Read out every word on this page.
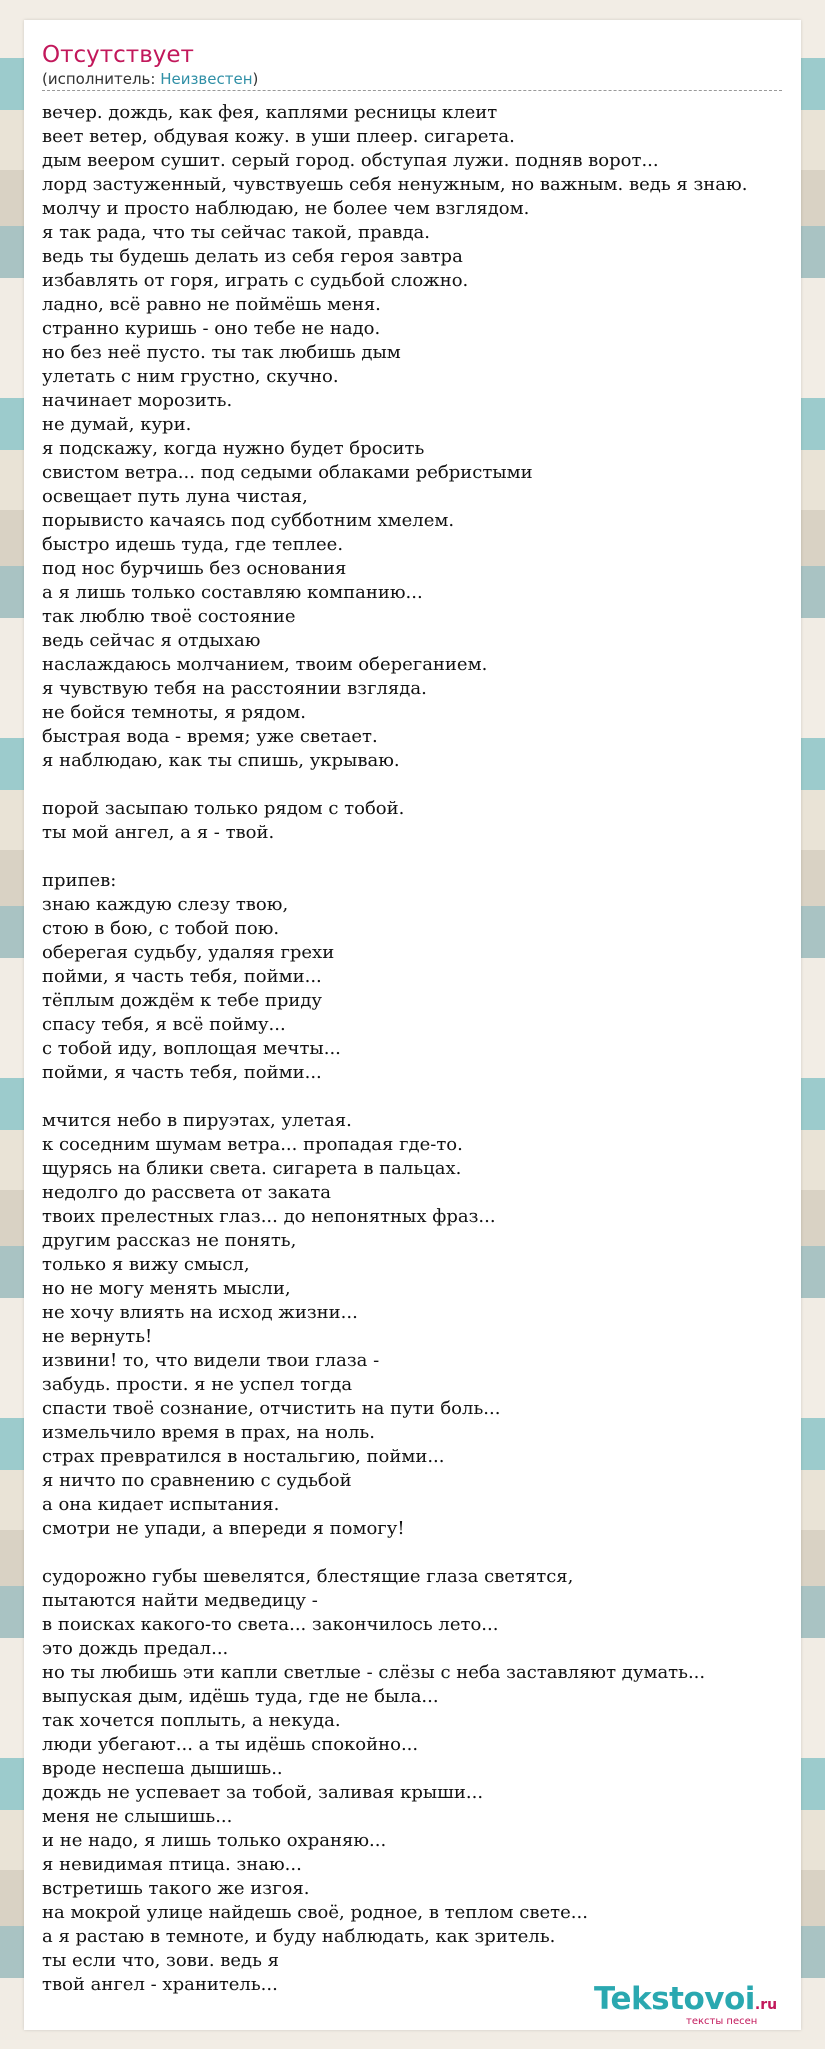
Отсутствует
(исполнитель: Неизвестен)
вечер. дождь, как фея, каплями ресницы клеит
веет ветер, обдувая кожу. в уши плеер. сигарета.
дым веером сушит. серый город. обступая лужи. подняв ворот...
лорд застуженный, чувствуешь себя ненужным, но важным. ведь я знаю.
молчу и просто наблюдаю, не более чем взглядом.
я так рада, что ты сейчас такой, правда.
ведь ты будешь делать из себя героя завтра
избавлять от горя, играть с судьбой сложно.
ладно, всё равно не поймёшь меня.
странно куришь - оно тебе не надо.
но без неё пусто. ты так любишь дым
улетать с ним грустно, скучно.
начинает морозить.
не думай, кури.
я подскажу, когда нужно будет бросить
свистом ветра... под седыми облаками ребристыми
освещает путь луна чистая,
порывисто качаясь под субботним хмелем.
быстро идешь туда, где теплее.
под нос бурчишь без основания
а я лишь только составляю компанию...
так люблю твоё состояние
ведь сейчас я отдыхаю
наслаждаюсь молчанием, твоим обереганием.
я чувствую тебя на расстоянии взгляда.
не бойся темноты, я рядом.
быстрая вода - время; уже светает.
я наблюдаю, как ты спишь, укрываю.
порой засыпаю только рядом с тобой.
ты мой ангел, а я - твой.
припев:
знаю каждую слезу твою,
стою в бою, с тобой пою.
оберегая судьбу, удаляя грехи
пойми, я часть тебя, пойми...
тёплым дождём к тебе приду
спасу тебя, я всё пойму...
с тобой иду, воплощая мечты...
пойми, я часть тебя, пойми...
мчится небо в пируэтах, улетая.
к соседним шумам ветра... пропадая где-то.
щурясь на блики света. сигарета в пальцах.
недолго до рассвета от заката
твоих прелестных глаз... до непонятных фраз...
другим рассказ не понять,
только я вижу смысл,
но не могу менять мысли,
не хочу влиять на исход жизни...
не вернуть!
извини! то, что видели твои глаза -
забудь. прости. я не успел тогда
спасти твоё сознание, отчистить на пути боль...
измельчило время в прах, на ноль.
страх превратился в ностальгию, пойми...
я ничто по сравнению с судьбой
а она кидает испытания.
смотри не упади, а впереди я помогу!
судорожно губы шевелятся, блестящие глаза светятся,
пытаются найти медведицу -
в поисках какого-то света... закончилось лето...
это дождь предал...
но ты любишь эти капли светлые - слёзы с неба заставляют думать...
выпуская дым, идёшь туда, где не была...
так хочется поплыть, а некуда.
люди убегают... а ты идёшь спокойно...
вроде неспеша дышишь..
дождь не успевает за тобой, заливая крыши...
меня не слышишь...
и не надо, я лишь только охраняю...
я невидимая птица. знаю...
встретишь такого же изгоя.
на мокрой улице найдешь своё, родное, в теплом свете...
а я растаю в темноте, и буду наблюдать, как зритель.
ты если что, зови. ведь я
твой ангел - хранитель...	Tekstovoi.ru
тексты песен
